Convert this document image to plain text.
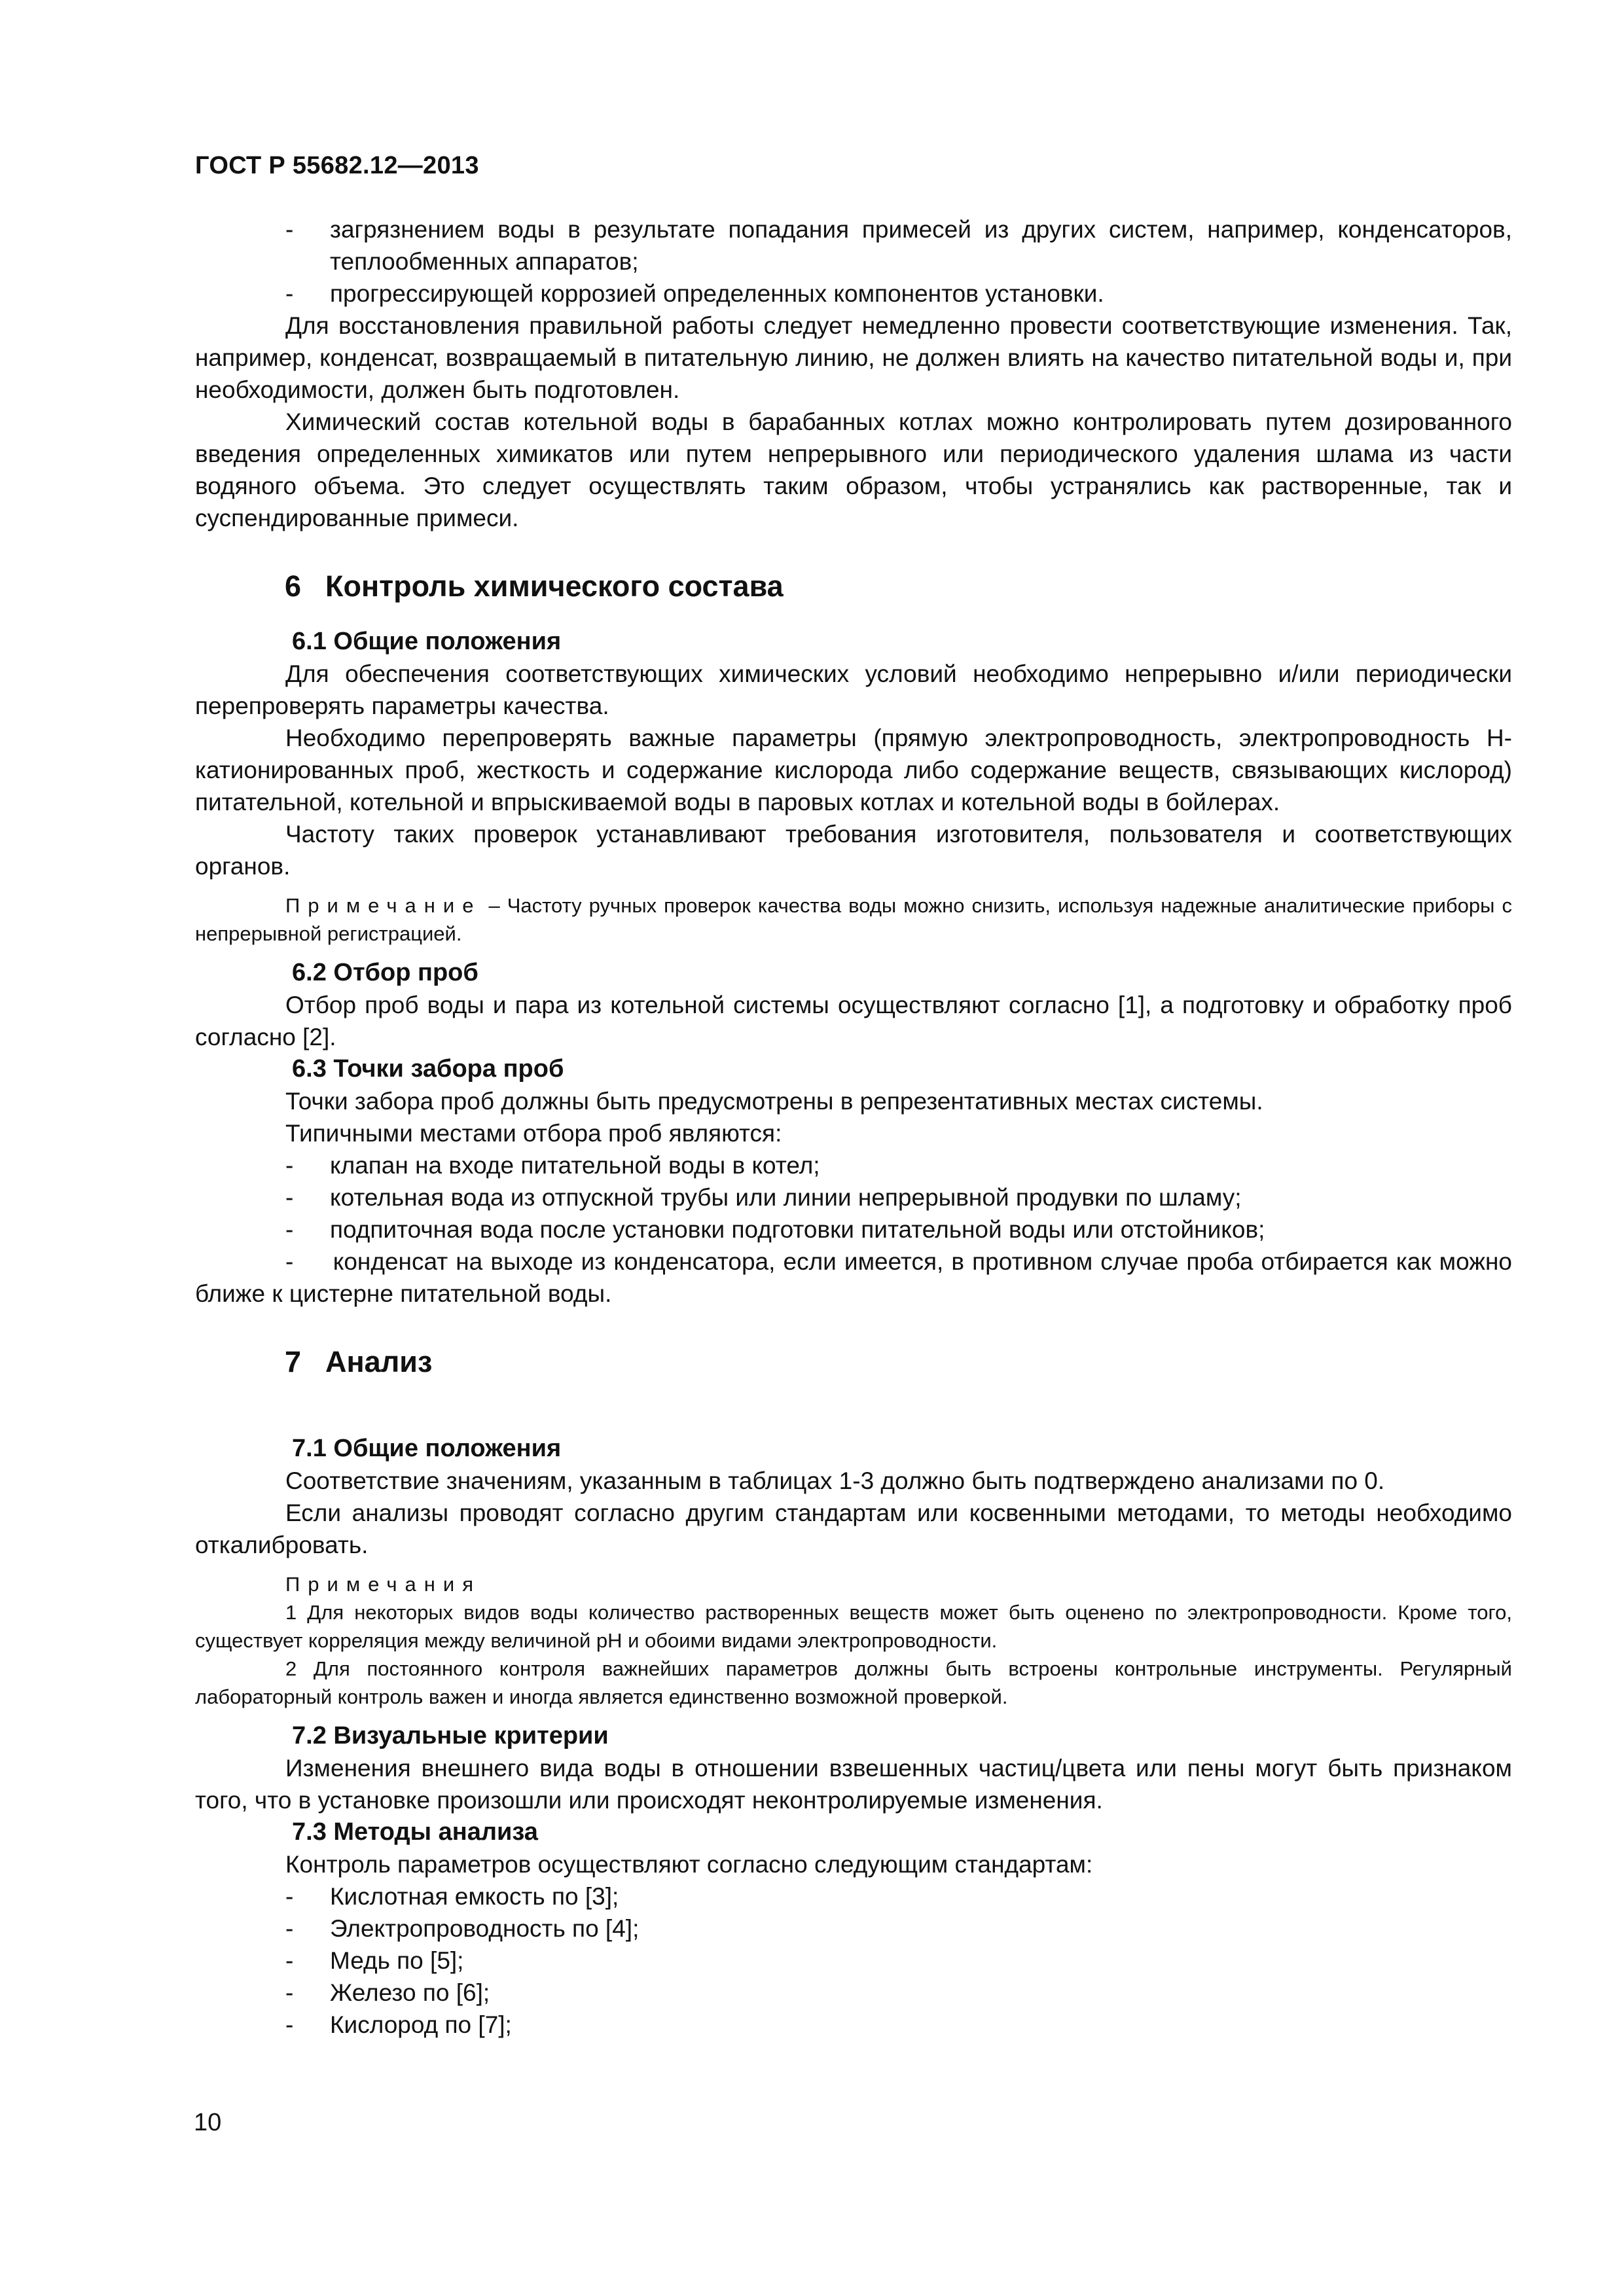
ГОСТ Р 55682.12—2013
-	загрязнением воды в результате попадания примесей из других систем, например, конденсаторов, теплообменных аппаратов;
-	прогрессирующей коррозией определенных компонентов установки.

Для восстановления правильной работы следует немедленно провести соответствующие изменения. Так, например, конденсат, возвращаемый в питательную линию, не должен влиять на качество питательной воды и, при необходимости, должен быть подготовлен.

Химический состав котельной воды в барабанных котлах можно контролировать путем дозированного введения определенных химикатов или путем непрерывного или периодического удаления шлама из части водяного объема. Это следует осуществлять таким образом, чтобы устранялись как растворенные, так и суспендированные примеси.

6 Контроль химического состава
6.1 Общие положения

Для обеспечения соответствующих химических условий необходимо непрерывно и/или периодически перепроверять параметры качества.

Необходимо перепроверять важные параметры (прямую электропроводность, электропроводность Н-катионированных проб, жесткость и содержание кислорода либо содержание веществ, связывающих кислород) питательной, котельной и впрыскиваемой воды в паровых котлах и котельной воды в бойлерах.

Частоту таких проверок устанавливают требования изготовителя, пользователя и соответствующих органов.

Примечание – Частоту ручных проверок качества воды можно снизить, используя надежные аналитические приборы с непрерывной регистрацией.

6.2 Отбор проб

Отбор проб воды и пара из котельной системы осуществляют согласно [1], а подготовку и обработку проб согласно [2].

6.3 Точки забора проб

Точки забора проб должны быть предусмотрены в репрезентативных местах системы.

Типичными местами отбора проб являются:

-	клапан на входе питательной воды в котел;
-	котельная вода из отпускной трубы или линии непрерывной продувки по шламу;
-	подпиточная вода после установки подготовки питательной воды или отстойников;

- конденсат на выходе из конденсатора, если имеется, в противном случае проба отбирается как можно ближе к цистерне питательной воды.

7 Анализ
7.1 Общие положения

Соответствие значениям, указанным в таблицах 1-3 должно быть подтверждено анализами по 0.

Если анализы проводят согласно другим стандартам или косвенными методами, то методы необходимо откалибровать.

Примечания

1 Для некоторых видов воды количество растворенных веществ может быть оценено по электропроводности. Кроме того, существует корреляция между величиной pH и обоими видами электропроводности.

2 Для постоянного контроля важнейших параметров должны быть встроены контрольные инструменты. Регулярный лабораторный контроль важен и иногда является единственно возможной проверкой.

7.2 Визуальные критерии

Изменения внешнего вида воды в отношении взвешенных частиц/цвета или пены могут быть признаком того, что в установке произошли или происходят неконтролируемые изменения.

7.3 Методы анализа

Контроль параметров осуществляют согласно следующим стандартам:

-	Кислотная емкость по [3];
-	Электропроводность по [4];
-	Медь по [5];
-	Железо по [6];
-	Кислород по [7];
10
